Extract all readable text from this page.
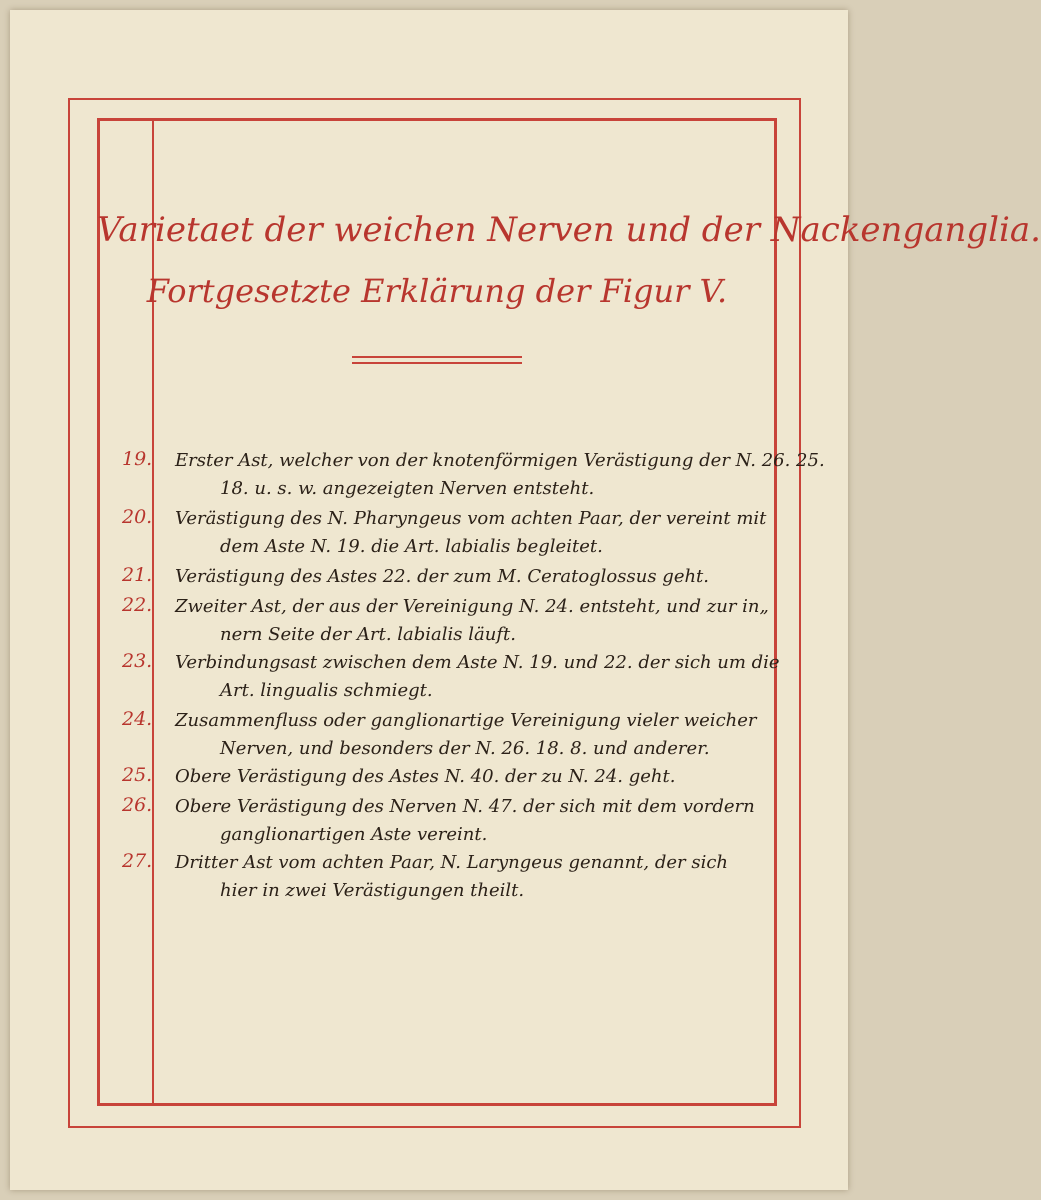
Varietaet der weichen Nerven und der Nackenganglia.
Fortgesetzte Erklärung der Figur V.
19. Erster Ast, welcher von der knotenförmigen Verästigung der N. 26. 25.
18. u. s. w. angezeigten Nerven entsteht.
20. Verästigung des N. Pharyngeus vom achten Paar, der vereint mit
dem Aste N. 19. die Art. labialis begleitet.
21. Verästigung des Astes 22. der zum M. Ceratoglossus geht.
22. Zweiter Ast, der aus der Vereinigung N. 24. entsteht, und zur in„
nern Seite der Art. labialis läuft.
23. Verbindungsast zwischen dem Aste N. 19. und 22. der sich um die
Art. lingualis schmiegt.
24. Zusammenfluss oder ganglionartige Vereinigung vieler weicher
Nerven, und besonders der N. 26. 18. 8. und anderer.
25. Obere Verästigung des Astes N. 40. der zu N. 24. geht.
26. Obere Verästigung des Nerven N. 47. der sich mit dem vordern
ganglionartigen Aste vereint.
27. Dritter Ast vom achten Paar, N. Laryngeus genannt, der sich
hier in zwei Verästigungen theilt.
